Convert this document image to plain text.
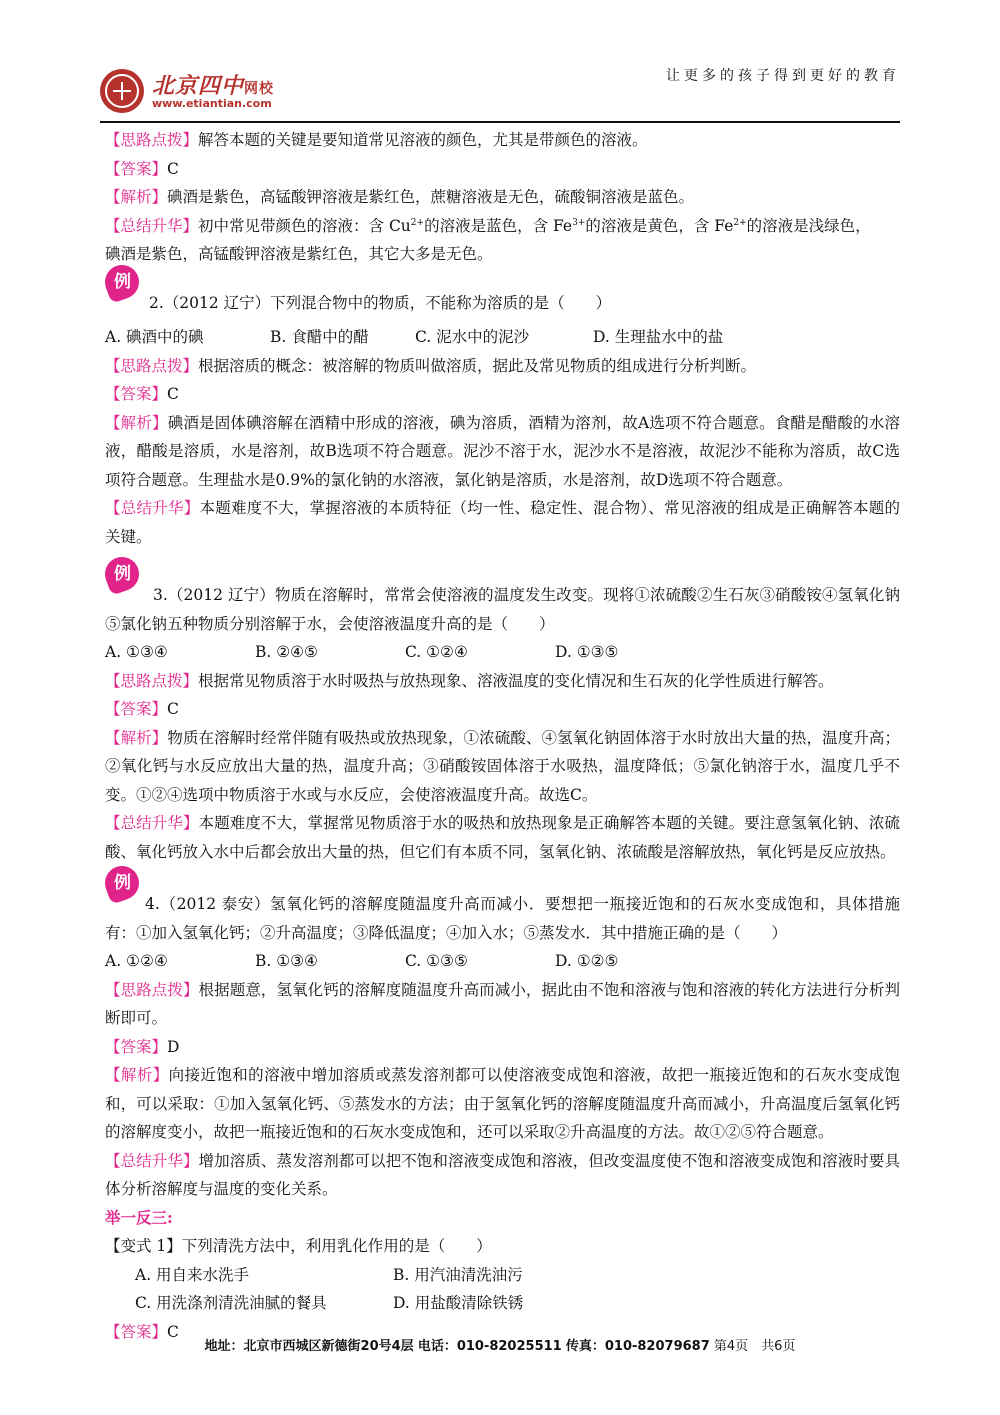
北京四中网校
www.etiantian.com
让更多的孩子得到更好的教育
【思路点拨】解答本题的关键是要知道常见溶液的颜色，尤其是带颜色的溶液。
【答案】C
【解析】碘酒是紫色，高锰酸钾溶液是紫红色，蔗糖溶液是无色，硫酸铜溶液是蓝色。
【总结升华】初中常见带颜色的溶液：含 $Cu^{2+}$的溶液是蓝色，含 $Fe^{3+}$的溶液是黄色，含 $Fe^{2+}$的溶液是浅绿色，
碘酒是紫色，高锰酸钾溶液是紫红色，其它大多是无色。
例
2.（2012 辽宁）下列混合物中的物质，不能称为溶质的是（　　）
A. 碘酒中的碘	B. 食醋中的醋	C. 泥水中的泥沙	D. 生理盐水中的盐
【思路点拨】根据溶质的概念：被溶解的物质叫做溶质，据此及常见物质的组成进行分析判断。
【答案】C
【解析】碘酒是固体碘溶解在酒精中形成的溶液，碘为溶质，酒精为溶剂，故A选项不符合题意。食醋是醋酸的水溶液，醋酸是溶质，水是溶剂，故B选项不符合题意。泥沙不溶于水，泥沙水不是溶液，故泥沙不能称为溶质，故C选项符合题意。生理盐水是0.9%的氯化钠的水溶液，氯化钠是溶质，水是溶剂，故D选项不符合题意。
【总结升华】本题难度不大，掌握溶液的本质特征（均一性、稳定性、混合物）、常见溶液的组成是正确解答本题的关键。
例
3.（2012 辽宁）物质在溶解时，常常会使溶液的温度发生改变。现将①浓硫酸②生石灰③硝酸铵④氢氧化钠⑤氯化钠五种物质分别溶解于水，会使溶液温度升高的是（　　）
A. ①③④	B. ②④⑤	C. ①②④	D. ①③⑤
【思路点拨】根据常见物质溶于水时吸热与放热现象、溶液温度的变化情况和生石灰的化学性质进行解答。
【答案】C
【解析】物质在溶解时经常伴随有吸热或放热现象，①浓硫酸、④氢氧化钠固体溶于水时放出大量的热，温度升高；②氧化钙与水反应放出大量的热，温度升高；③硝酸铵固体溶于水吸热，温度降低；⑤氯化钠溶于水，温度几乎不变。①②④选项中物质溶于水或与水反应，会使溶液温度升高。故选C。
【总结升华】本题难度不大，掌握常见物质溶于水的吸热和放热现象是正确解答本题的关键。要注意氢氧化钠、浓硫酸、氧化钙放入水中后都会放出大量的热，但它们有本质不同，氢氧化钠、浓硫酸是溶解放热，氧化钙是反应放热。
例
4.（2012 泰安）氢氧化钙的溶解度随温度升高而减小．要想把一瓶接近饱和的石灰水变成饱和，具体措施有：①加入氢氧化钙；②升高温度；③降低温度；④加入水；⑤蒸发水．其中措施正确的是（　　）
A. ①②④	B. ①③④	C. ①③⑤	D. ①②⑤
【思路点拨】根据题意，氢氧化钙的溶解度随温度升高而减小，据此由不饱和溶液与饱和溶液的转化方法进行分析判断即可。
【答案】D
【解析】向接近饱和的溶液中增加溶质或蒸发溶剂都可以使溶液变成饱和溶液，故把一瓶接近饱和的石灰水变成饱和，可以采取：①加入氢氧化钙、⑤蒸发水的方法；由于氢氧化钙的溶解度随温度升高而减小，升高温度后氢氧化钙的溶解度变小，故把一瓶接近饱和的石灰水变成饱和，还可以采取②升高温度的方法。故①②⑤符合题意。
【总结升华】增加溶质、蒸发溶剂都可以把不饱和溶液变成饱和溶液，但改变温度使不饱和溶液变成饱和溶液时要具体分析溶解度与温度的变化关系。
举一反三:
【变式 1】下列清洗方法中，利用乳化作用的是（　　）
A. 用自来水洗手	B. 用汽油清洗油污
C. 用洗涤剂清洗油腻的餐具	D. 用盐酸清除铁锈
【答案】C
地址：北京市西城区新德街20号4层 电话：010-82025511 传真：010-82079687 第4页　共6页
